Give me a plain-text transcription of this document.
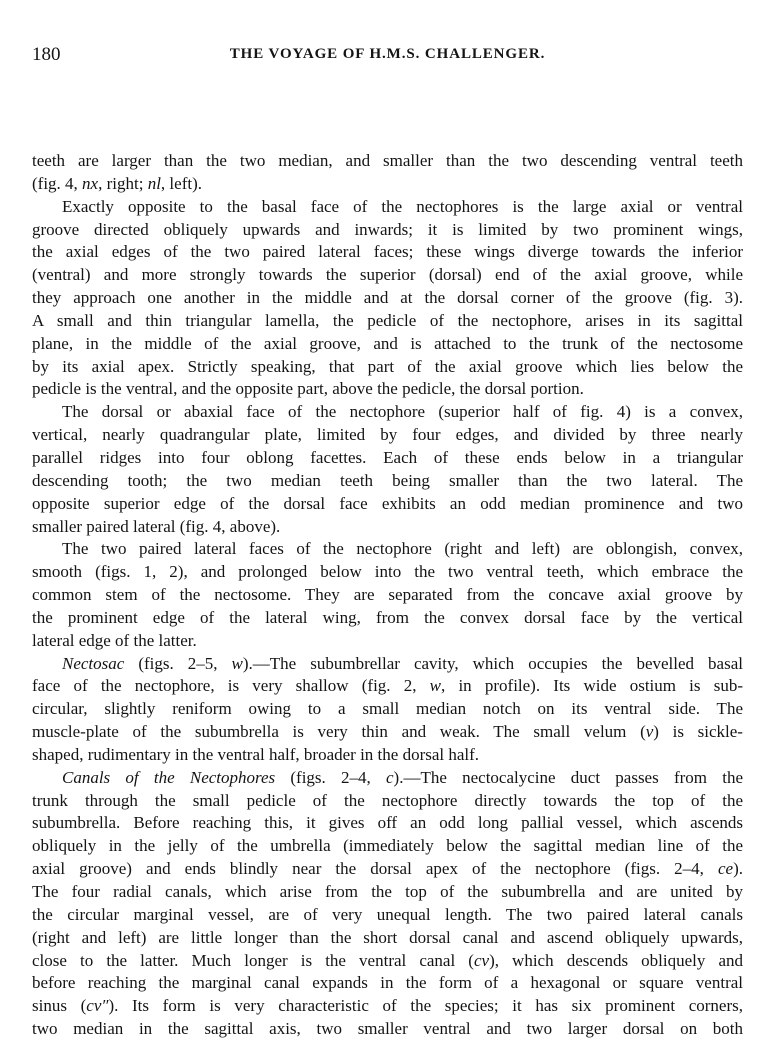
180	THE VOYAGE OF H.M.S. CHALLENGER.
teeth are larger than the two median, and smaller than the two descending ventral teeth
(fig. 4, nx, right; nl, left).
Exactly opposite to the basal face of the nectophores is the large axial or ventral
groove directed obliquely upwards and inwards; it is limited by two prominent wings,
the axial edges of the two paired lateral faces; these wings diverge towards the inferior
(ventral) and more strongly towards the superior (dorsal) end of the axial groove, while
they approach one another in the middle and at the dorsal corner of the groove (fig. 3).
A small and thin triangular lamella, the pedicle of the nectophore, arises in its sagittal
plane, in the middle of the axial groove, and is attached to the trunk of the nectosome
by its axial apex. Strictly speaking, that part of the axial groove which lies below the
pedicle is the ventral, and the opposite part, above the pedicle, the dorsal portion.
The dorsal or abaxial face of the nectophore (superior half of fig. 4) is a convex,
vertical, nearly quadrangular plate, limited by four edges, and divided by three nearly
parallel ridges into four oblong facettes. Each of these ends below in a triangular
descending tooth; the two median teeth being smaller than the two lateral. The
opposite superior edge of the dorsal face exhibits an odd median prominence and two
smaller paired lateral (fig. 4, above).
The two paired lateral faces of the nectophore (right and left) are oblongish, convex,
smooth (figs. 1, 2), and prolonged below into the two ventral teeth, which embrace the
common stem of the nectosome. They are separated from the concave axial groove by
the prominent edge of the lateral wing, from the convex dorsal face by the vertical
lateral edge of the latter.
Nectosac (figs. 2–5, w).—The subumbrellar cavity, which occupies the bevelled basal
face of the nectophore, is very shallow (fig. 2, w, in profile). Its wide ostium is sub-
circular, slightly reniform owing to a small median notch on its ventral side. The
muscle-plate of the subumbrella is very thin and weak. The small velum (v) is sickle-
shaped, rudimentary in the ventral half, broader in the dorsal half.
Canals of the Nectophores (figs. 2–4, c).—The nectocalycine duct passes from the
trunk through the small pedicle of the nectophore directly towards the top of the
subumbrella. Before reaching this, it gives off an odd long pallial vessel, which ascends
obliquely in the jelly of the umbrella (immediately below the sagittal median line of the
axial groove) and ends blindly near the dorsal apex of the nectophore (figs. 2–4, ce).
The four radial canals, which arise from the top of the subumbrella and are united by
the circular marginal vessel, are of very unequal length. The two paired lateral canals
(right and left) are little longer than the short dorsal canal and ascend obliquely upwards,
close to the latter. Much longer is the ventral canal (cv), which descends obliquely and
before reaching the marginal canal expands in the form of a hexagonal or square ventral
sinus (cv″). Its form is very characteristic of the species; it has six prominent corners,
two median in the sagittal axis, two smaller ventral and two larger dorsal on both
